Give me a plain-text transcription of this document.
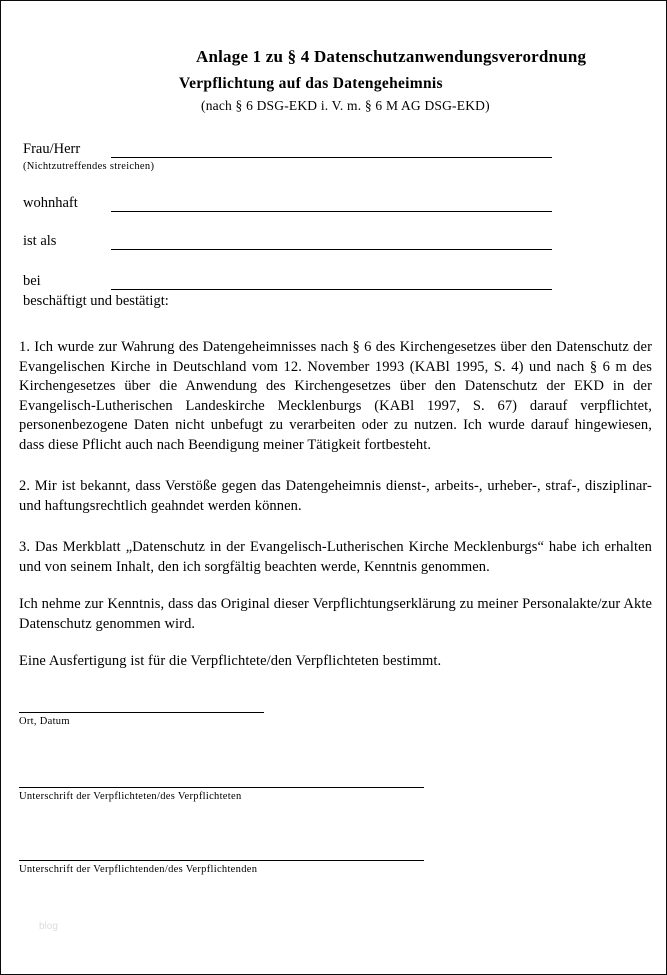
Anlage 1 zu § 4 Datenschutzanwendungsverordnung
Verpflichtung auf das Datengeheimnis
(nach § 6 DSG-EKD i. V. m. § 6 M AG DSG-EKD)
Frau/Herr
(Nichtzutreffendes streichen)
wohnhaft
ist als
bei
beschäftigt und bestätigt:

1. Ich wurde zur Wahrung des Datengeheimnisses nach § 6 des Kirchengesetzes über den Datenschutz der Evangelischen Kirche in Deutschland vom 12. November 1993 (KABl 1995, S. 4) und nach § 6 m des Kirchengesetzes über die Anwendung des Kirchengesetzes über den Datenschutz der EKD in der Evangelisch-Lutherischen Landeskirche Mecklenburgs (KABl 1997, S. 67) darauf verpflichtet, personenbezogene Daten nicht unbefugt zu verarbeiten oder zu nutzen. Ich wurde darauf hingewiesen, dass diese Pflicht auch nach Beendigung meiner Tätigkeit fortbesteht.

2. Mir ist bekannt, dass Verstöße gegen das Datengeheimnis dienst-, arbeits-, urheber-, straf-, disziplinar- und haftungsrechtlich geahndet werden können.

3. Das Merkblatt „Datenschutz in der Evangelisch-Lutherischen Kirche Mecklenburgs“ habe ich erhalten und von seinem Inhalt, den ich sorgfältig beachten werde, Kenntnis genommen.

Ich nehme zur Kenntnis, dass das Original dieser Verpflichtungserklärung zu meiner Personalakte/zur Akte Datenschutz genommen wird.

Eine Ausfertigung ist für die Verpflichtete/den Verpflichteten bestimmt.

Ort, Datum
Unterschrift der Verpflichteten/des Verpflichteten
Unterschrift der Verpflichtenden/des Verpflichtenden
blog
